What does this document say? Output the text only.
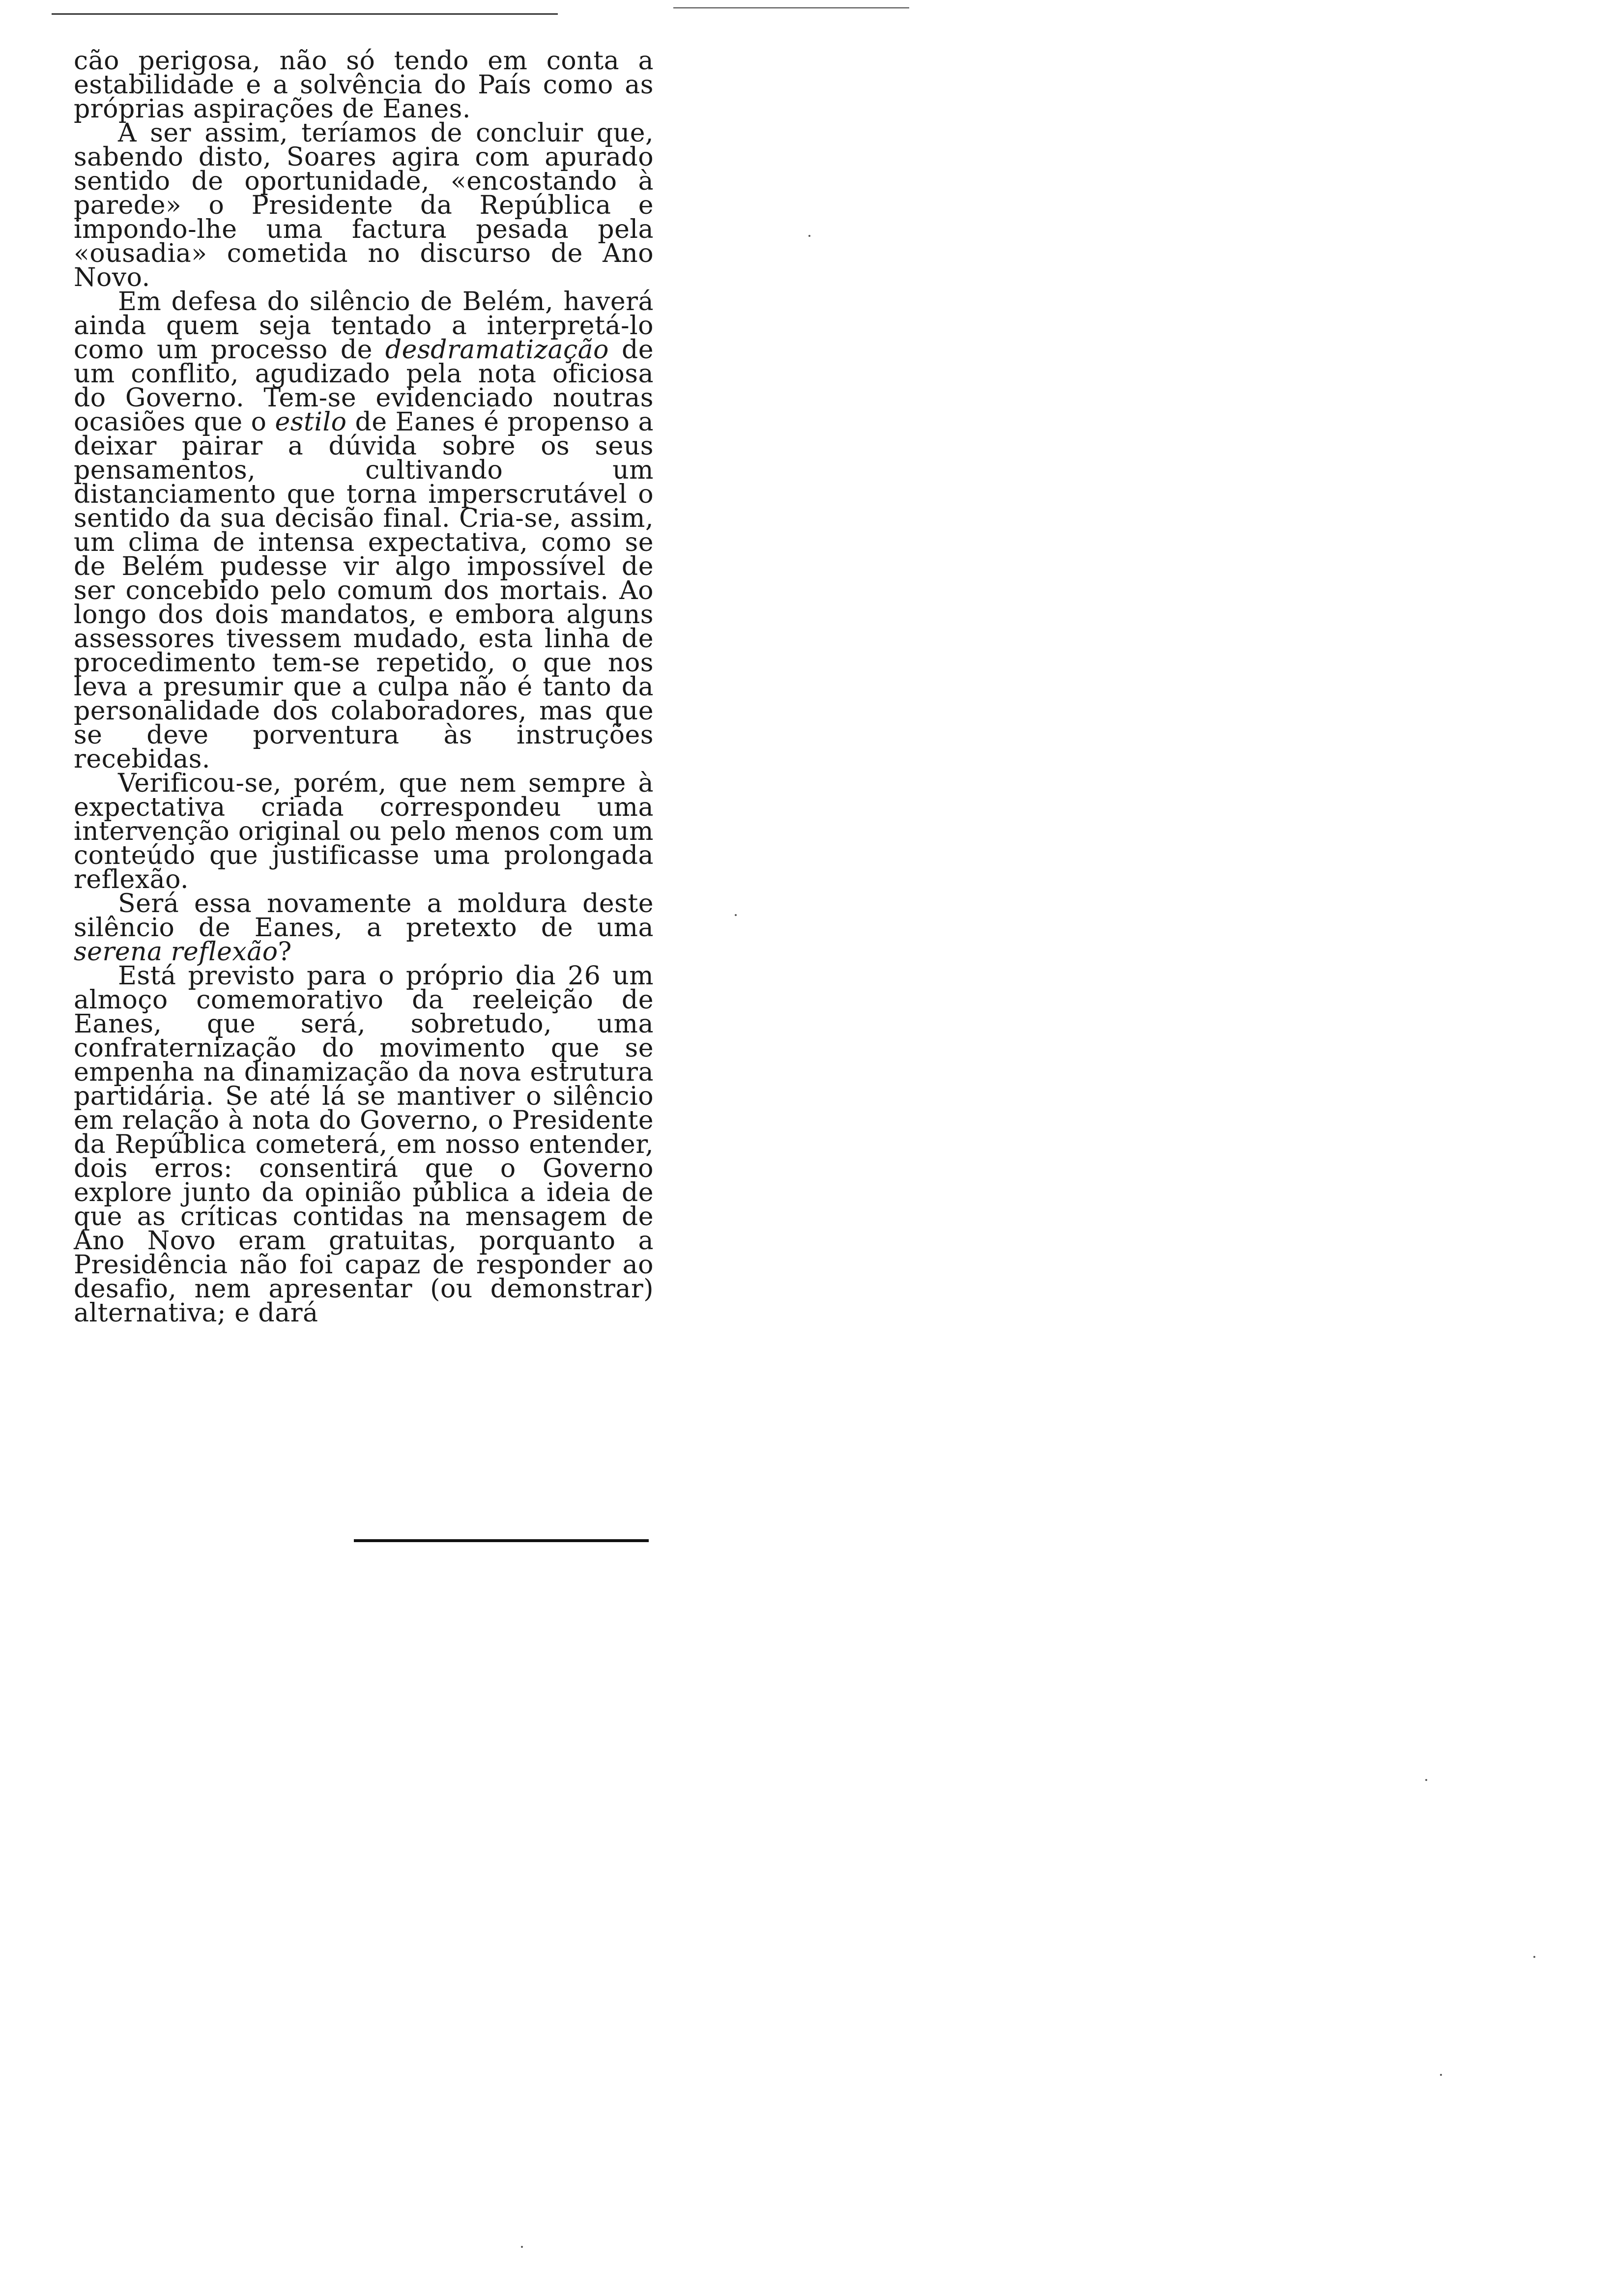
cão perigosa, não só tendo em conta a estabilidade e a solvência do País como as próprias aspirações de Eanes.

A ser assim, teríamos de concluir que, sabendo disto, Soares agira com apurado sentido de oportunidade, «encostando à parede» o Presidente da República e impondo-lhe uma factura pesada pela «ousadia» cometida no discurso de Ano Novo.

Em defesa do silêncio de Belém, haverá ainda quem seja tentado a interpretá-lo como um processo de desdramatização de um conflito, agudizado pela nota oficiosa do Governo. Tem-se evidenciado noutras ocasiões que o estilo de Eanes é propenso a deixar pairar a dúvida sobre os seus pensamentos, cultivando um distanciamento que torna imperscrutável o sentido da sua decisão final. Cria-se, assim, um clima de intensa expectativa, como se de Belém pudesse vir algo impossível de ser concebido pelo comum dos mortais. Ao longo dos dois mandatos, e embora alguns assessores tivessem mudado, esta linha de procedimento tem-se repetido, o que nos leva a presumir que a culpa não é tanto da personalidade dos colaboradores, mas que se deve porventura às instruções recebidas.

Verificou-se, porém, que nem sempre à expectativa criada correspondeu uma intervenção original ou pelo menos com um conteúdo que justificasse uma prolongada reflexão.

Será essa novamente a moldura deste silêncio de Eanes, a pretexto de uma serena reflexão?

Está previsto para o próprio dia 26 um almoço comemorativo da reeleição de Eanes, que será, sobretudo, uma confraternização do movimento que se empenha na dinamização da nova estrutura partidária. Se até lá se mantiver o silêncio em relação à nota do Governo, o Presidente da República cometerá, em nosso entender, dois erros: consentirá que o Governo explore junto da opinião pública a ideia de que as críticas contidas na mensagem de Ano Novo eram gratuitas, porquanto a Presidência não foi capaz de responder ao desafio, nem apresentar (ou demonstrar) alternativa; e dará
